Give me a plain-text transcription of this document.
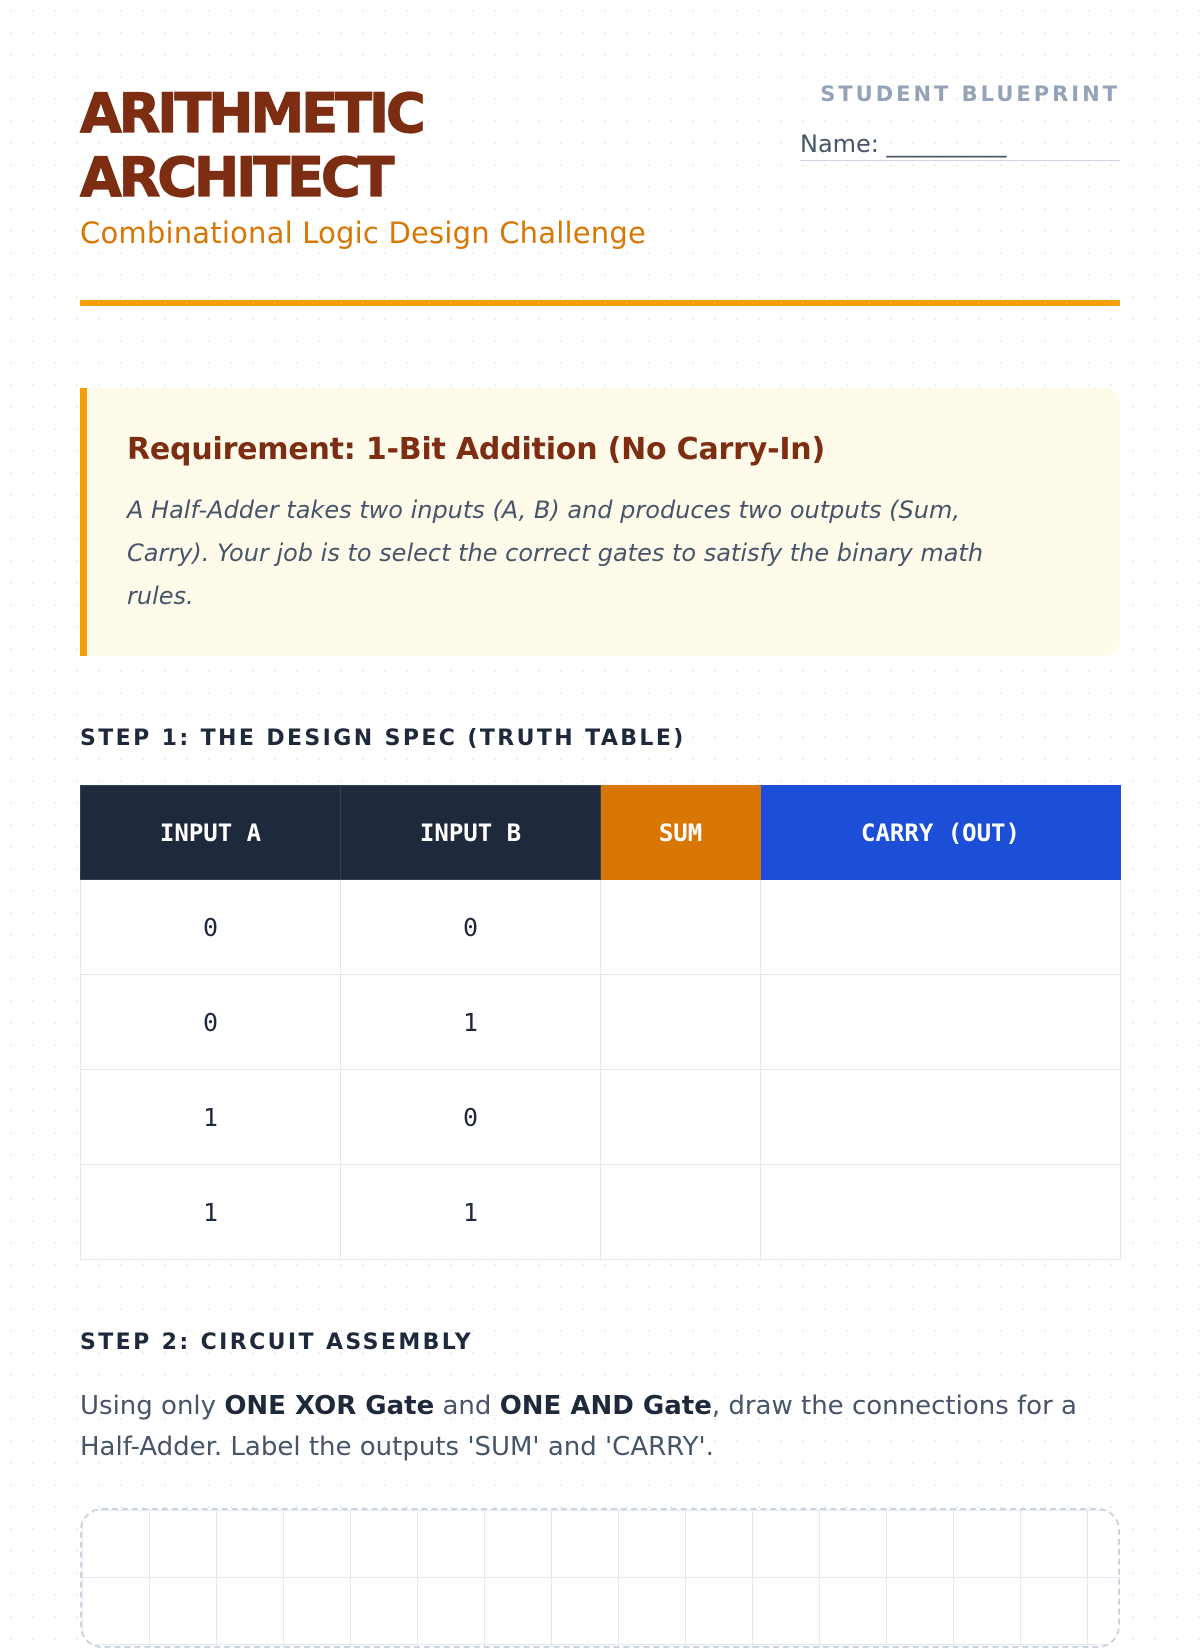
ARITHMETIC
ARCHITECT
Combinational Logic Design Challenge
STUDENT BLUEPRINT
Name: __________

Requirement: 1-Bit Addition (No Carry-In)

A Half-Adder takes two inputs (A, B) and produces two outputs (Sum, Carry). Your job is to select the correct gates to satisfy the binary math rules.

STEP 1: THE DESIGN SPEC (TRUTH TABLE)
INPUT A	INPUT B	SUM	CARRY (OUT)
0	0		
0	1		
1	0		
1	1		
STEP 2: CIRCUIT ASSEMBLY

Using only ONE XOR Gate and ONE AND Gate, draw the connections for a Half-Adder. Label the outputs 'SUM' and 'CARRY'.
